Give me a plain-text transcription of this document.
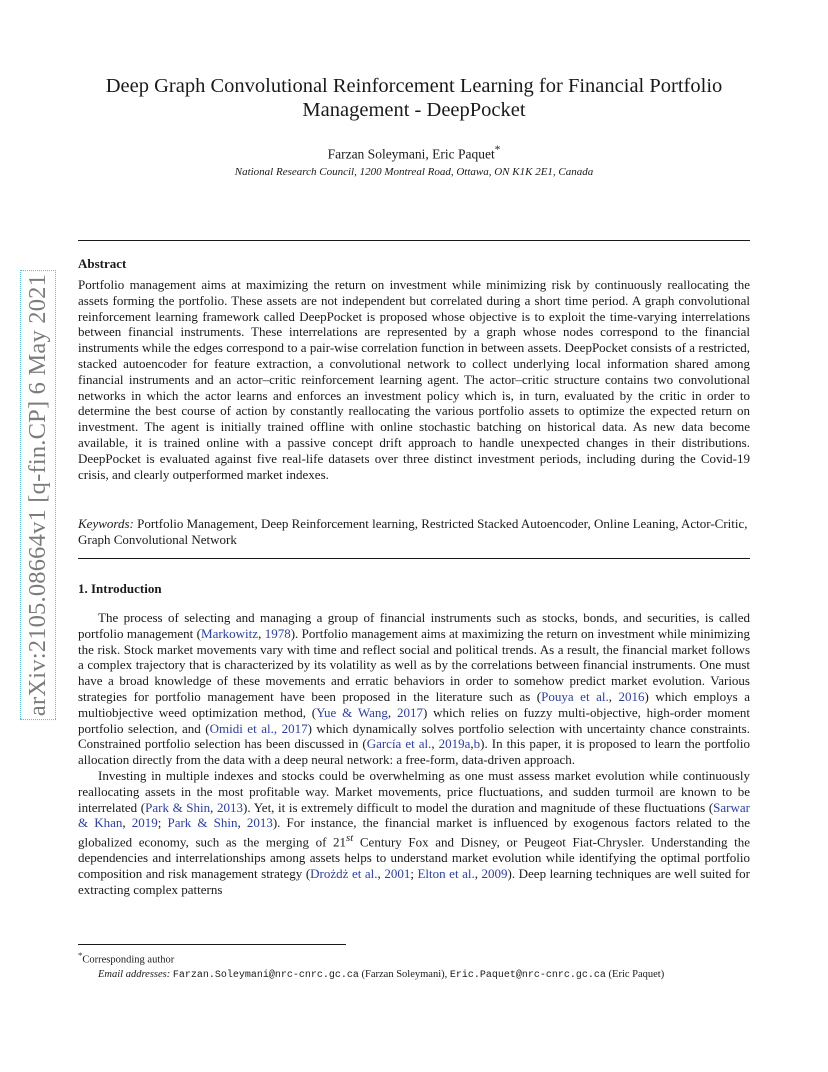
arXiv:2105.08664v1 [q-fin.CP] 6 May 2021
Deep Graph Convolutional Reinforcement Learning for Financial Portfolio Management - DeepPocket
Farzan Soleymani, Eric Paquet*
National Research Council, 1200 Montreal Road, Ottawa, ON K1K 2E1, Canada
Abstract
Portfolio management aims at maximizing the return on investment while minimizing risk by continuously reallocating the assets forming the portfolio. These assets are not independent but correlated during a short time period. A graph convolutional reinforcement learning framework called DeepPocket is proposed whose objective is to exploit the time-varying interrelations between financial instruments. These interrelations are represented by a graph whose nodes correspond to the financial instruments while the edges correspond to a pair-wise correlation function in between assets. DeepPocket consists of a restricted, stacked autoencoder for feature extraction, a convolutional network to collect underlying local information shared among financial instruments and an actor–critic reinforcement learning agent. The actor–critic structure contains two convolutional networks in which the actor learns and enforces an investment policy which is, in turn, evaluated by the critic in order to determine the best course of action by constantly reallocating the various portfolio assets to optimize the expected return on investment. The agent is initially trained offline with online stochastic batching on historical data. As new data become available, it is trained online with a passive concept drift approach to handle unexpected changes in their distributions. DeepPocket is evaluated against five real-life datasets over three distinct investment periods, including during the Covid-19 crisis, and clearly outperformed market indexes.
Keywords: Portfolio Management, Deep Reinforcement learning, Restricted Stacked Autoencoder, Online Leaning, Actor-Critic, Graph Convolutional Network
1. Introduction

The process of selecting and managing a group of financial instruments such as stocks, bonds, and securities, is called portfolio management (Markowitz, 1978). Portfolio management aims at maximizing the return on investment while minimizing the risk. Stock market movements vary with time and reflect social and political trends. As a result, the financial market follows a complex trajectory that is characterized by its volatility as well as by the correlations between financial instruments. One must have a broad knowledge of these movements and erratic behaviors in order to somehow predict market evolution. Various strategies for portfolio management have been proposed in the literature such as (Pouya et al., 2016) which employs a multiobjective weed optimization method, (Yue & Wang, 2017) which relies on fuzzy multi-objective, high-order moment portfolio selection, and (Omidi et al., 2017) which dynamically solves portfolio selection with uncertainty chance constraints. Constrained portfolio selection has been discussed in (García et al., 2019a,b). In this paper, it is proposed to learn the portfolio allocation directly from the data with a deep neural network: a free-form, data-driven approach.

Investing in multiple indexes and stocks could be overwhelming as one must assess market evolution while continuously reallocating assets in the most profitable way. Market movements, price fluctuations, and sudden turmoil are known to be interrelated (Park & Shin, 2013). Yet, it is extremely difficult to model the duration and magnitude of these fluctuations (Sarwar & Khan, 2019; Park & Shin, 2013). For instance, the financial market is influenced by exogenous factors related to the globalized economy, such as the merging of 21st Century Fox and Disney, or Peugeot Fiat-Chrysler. Understanding the dependencies and interrelationships among assets helps to understand market evolution while identifying the optimal portfolio composition and risk management strategy (Drożdż et al., 2001; Elton et al., 2009). Deep learning techniques are well suited for extracting complex patterns

*Corresponding author
Email addresses: Farzan.Soleymani@nrc-cnrc.gc.ca (Farzan Soleymani), Eric.Paquet@nrc-cnrc.gc.ca (Eric Paquet)
